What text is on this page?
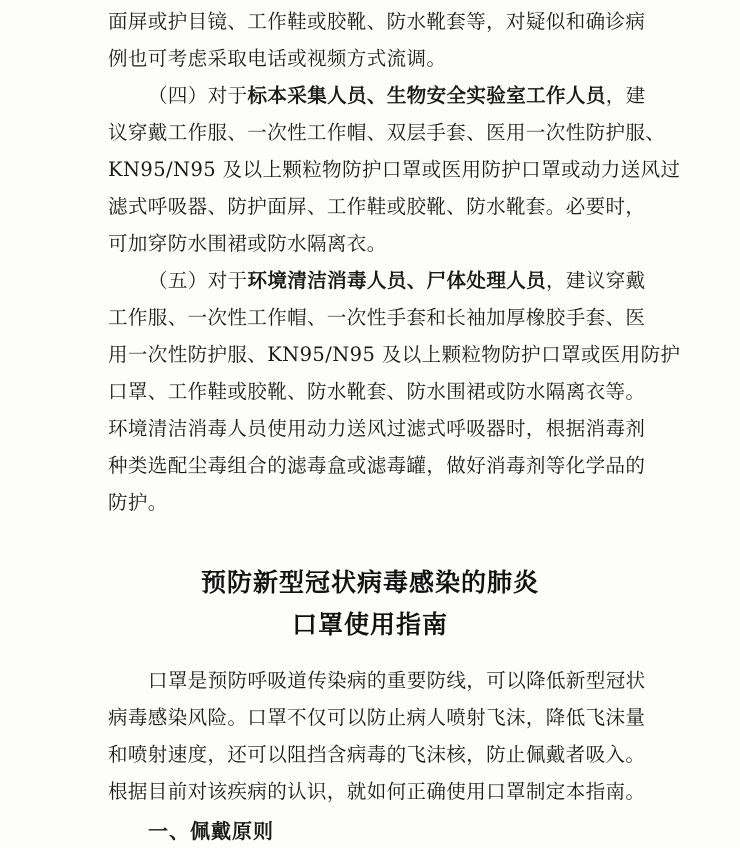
面屏或护目镜、工作鞋或胶靴、防水靴套等，对疑似和确诊病
例也可考虑采取电话或视频方式流调。

（四）对于标本采集人员、生物安全实验室工作人员，建
议穿戴工作服、一次性工作帽、双层手套、医用一次性防护服、
KN95/N95 及以上颗粒物防护口罩或医用防护口罩或动力送风过
滤式呼吸器、防护面屏、工作鞋或胶靴、防水靴套。必要时，
可加穿防水围裙或防水隔离衣。

（五）对于环境清洁消毒人员、尸体处理人员，建议穿戴
工作服、一次性工作帽、一次性手套和长袖加厚橡胶手套、医
用一次性防护服、KN95/N95 及以上颗粒物防护口罩或医用防护
口罩、工作鞋或胶靴、防水靴套、防水围裙或防水隔离衣等。
环境清洁消毒人员使用动力送风过滤式呼吸器时，根据消毒剂
种类选配尘毒组合的滤毒盒或滤毒罐，做好消毒剂等化学品的
防护。

预防新型冠状病毒感染的肺炎
口罩使用指南

口罩是预防呼吸道传染病的重要防线，可以降低新型冠状
病毒感染风险。口罩不仅可以防止病人喷射飞沫，降低飞沫量
和喷射速度，还可以阻挡含病毒的飞沫核，防止佩戴者吸入。
根据目前对该疾病的认识，就如何正确使用口罩制定本指南。

一、佩戴原则
